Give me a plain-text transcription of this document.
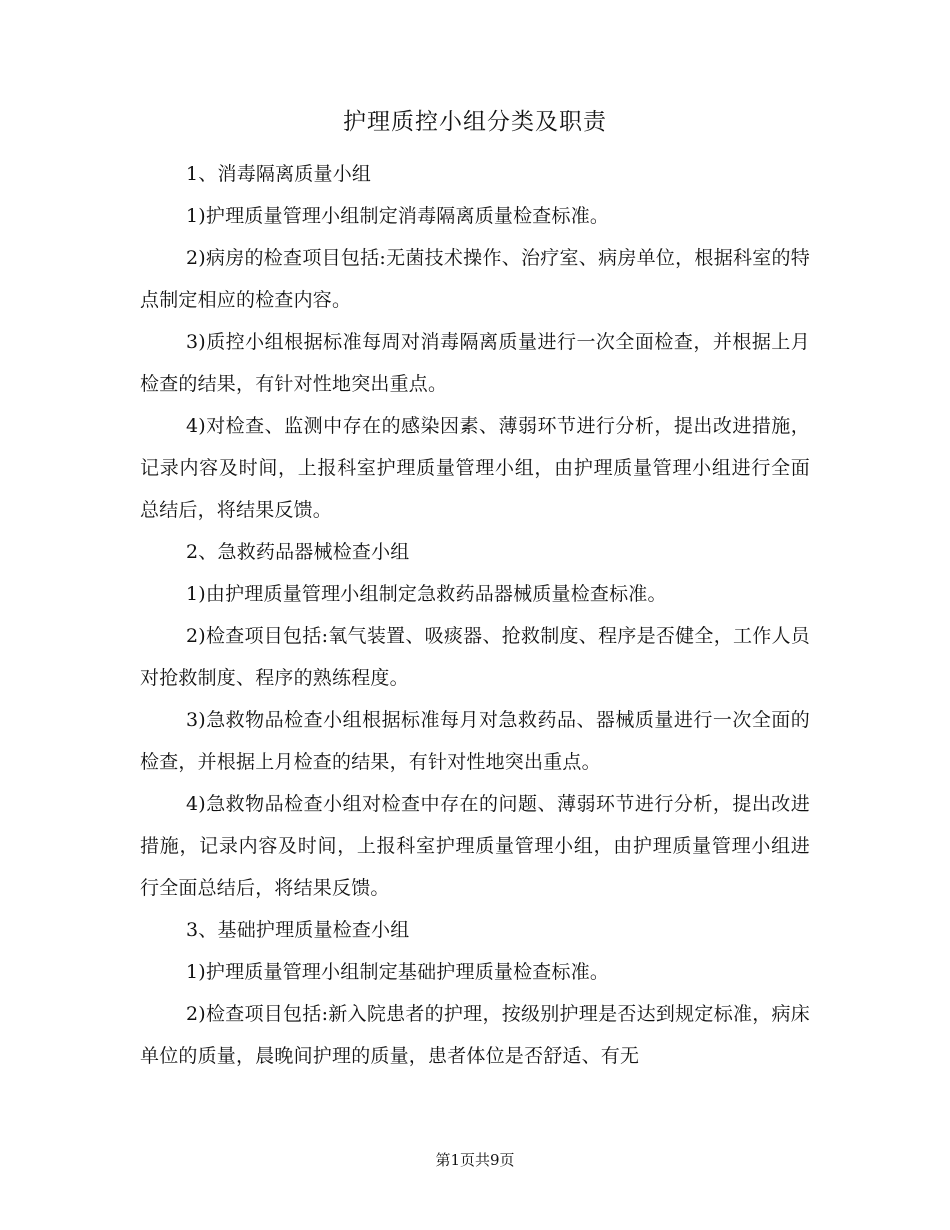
护理质控小组分类及职责

1、消毒隔离质量小组

1)护理质量管理小组制定消毒隔离质量检查标准。

2)病房的检查项目包括:无菌技术操作、治疗室、病房单位，根据科室的特点制定相应的检查内容。

3)质控小组根据标准每周对消毒隔离质量进行一次全面检查，并根据上月检查的结果，有针对性地突出重点。

4)对检查、监测中存在的感染因素、薄弱环节进行分析，提出改进措施，记录内容及时间，上报科室护理质量管理小组，由护理质量管理小组进行全面总结后，将结果反馈。

2、急救药品器械检查小组

1)由护理质量管理小组制定急救药品器械质量检查标准。

2)检查项目包括:氧气装置、吸痰器、抢救制度、程序是否健全，工作人员对抢救制度、程序的熟练程度。

3)急救物品检查小组根据标准每月对急救药品、器械质量进行一次全面的检查，并根据上月检查的结果，有针对性地突出重点。

4)急救物品检查小组对检查中存在的问题、薄弱环节进行分析，提出改进措施，记录内容及时间，上报科室护理质量管理小组，由护理质量管理小组进行全面总结后，将结果反馈。

3、基础护理质量检查小组

1)护理质量管理小组制定基础护理质量检查标准。

2)检查项目包括:新入院患者的护理，按级别护理是否达到规定标准，病床单位的质量，晨晚间护理的质量，患者体位是否舒适、有无

第1页共9页
